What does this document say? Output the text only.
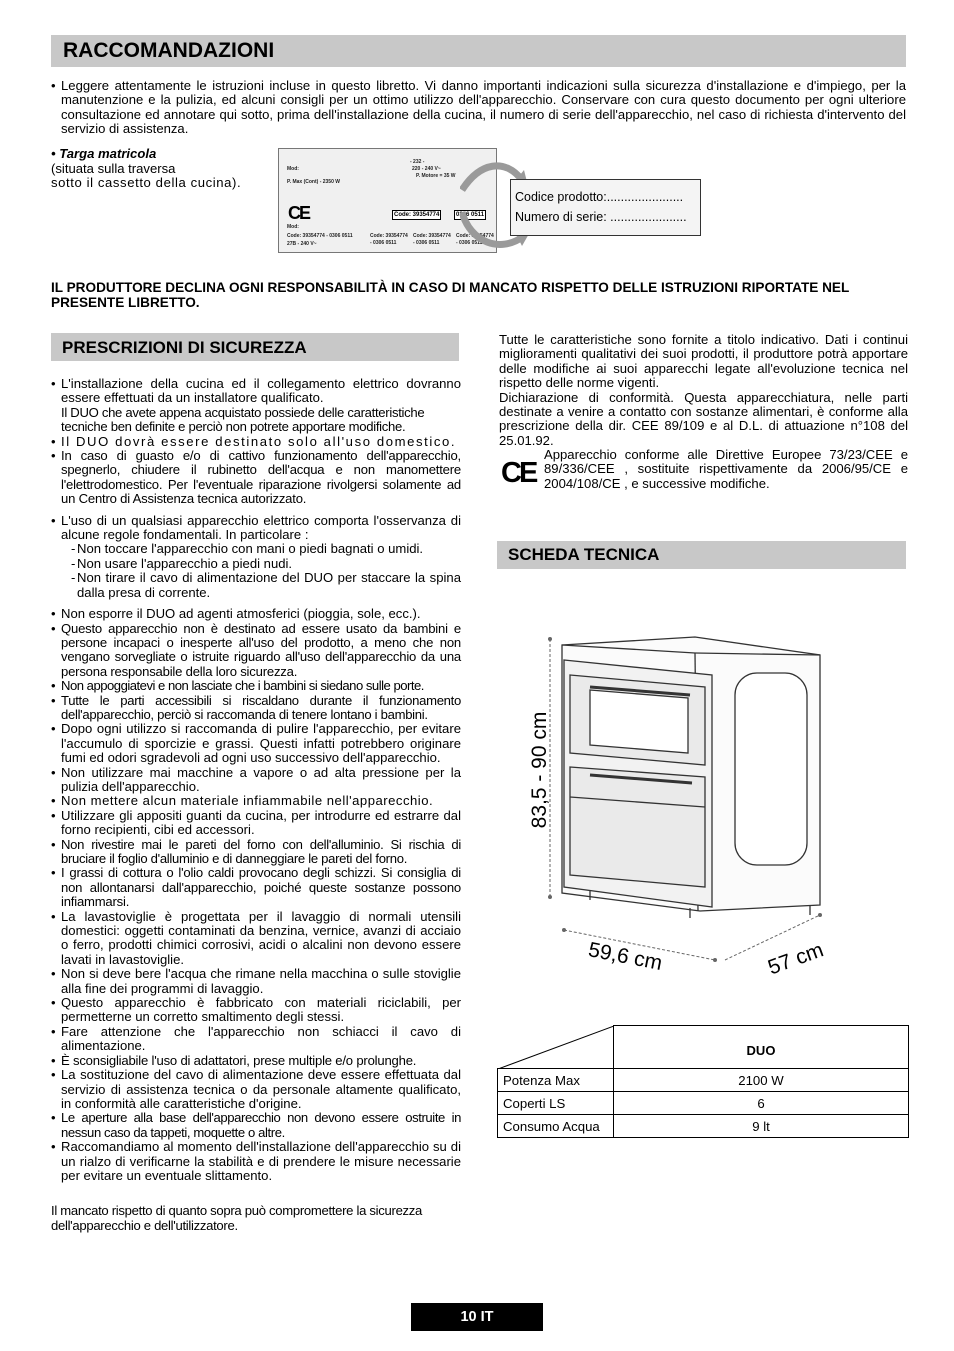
RACCOMANDAZIONI
• Leggere attentamente le istruzioni incluse in questo libretto. Vi danno importanti indicazioni sulla sicurezza d'installazione e d'impiego, per la manutenzione e la pulizia, ed alcuni consigli per un ottimo utilizzo dell'apparecchio. Conservare con cura questo documento per ogni ulteriore consultazione ed annotare qui sotto, prima dell'installazione della cucina, il numero di serie dell'apparecchio, nel caso di richiesta d'intervento del servizio di assistenza.
• Targa matricola
(situata sulla traversa
sotto il cassetto della cucina).
- 232 -
220 - 240 V~
P. Motore = 35 W
Mod:
P. Max (Cont) - 2350 W
CE	Code: 39354774	0306 0511
Mod:
Code: 39354774 - 0306 0511
27B - 240 V~
Code: 39354774
- 0306 0511
Code: 39354774
- 0306 0511
Code: 39354774
- 0306 0511
Codice prodotto:......................
Numero di serie: ......................
IL PRODUTTORE DECLINA OGNI RESPONSABILITÀ IN CASO DI MANCATO RISPETTO DELLE ISTRUZIONI RIPORTATE NEL PRESENTE LIBRETTO.
PRESCRIZIONI DI SICUREZZA
• L'installazione della cucina ed il collegamento elettrico dovranno essere effettuati da un installatore qualificato.
Il DUO che avete appena acquistato possiede delle caratteristiche tecniche ben definite e perciò non potrete apportare modifiche.
• Il DUO dovrà essere destinato solo all'uso domestico.
• In caso di guasto e/o di cattivo funzionamento dell'apparecchio, spegnerlo, chiudere il rubinetto dell'acqua e non manomettere l'elettrodomestico. Per l'eventuale riparazione rivolgersi solamente ad un Centro di Assistenza tecnica autorizzato.
• L'uso di un qualsiasi apparecchio elettrico comporta l'osservanza di alcune regole fondamentali. In particolare :
- Non toccare l'apparecchio con mani o piedi bagnati o umidi.
- Non usare l'apparecchio a piedi nudi.
- Non tirare il cavo di alimentazione del DUO per staccare la spina dalla presa di corrente.
• Non esporre il DUO ad agenti atmosferici (pioggia, sole, ecc.).
• Questo apparecchio non è destinato ad essere usato da bambini e persone incapaci o inesperte all'uso del prodotto, a meno che non vengano sorvegliate o istruite riguardo all'uso dell'apparecchio da una persona responsabile della loro sicurezza.
• Non appoggiatevi e non lasciate che i bambini si siedano sulle porte.
• Tutte le parti accessibili si riscaldano durante il funzionamento dell'apparecchio, perciò si raccomanda di tenere lontano i bambini.
• Dopo ogni utilizzo si raccomanda di pulire l'apparecchio, per evitare l'accumulo di sporcizie e grassi. Questi infatti potrebbero originare fumi ed odori sgradevoli ad ogni uso successivo dell'apparecchio.
• Non utilizzare mai macchine a vapore o ad alta pressione per la pulizia dell'apparecchio.
• Non mettere alcun materiale infiammabile nell'apparecchio.
• Utilizzare gli appositi guanti da cucina, per introdurre ed estrarre dal forno recipienti, cibi ed accessori.
• Non rivestire mai le pareti del forno con dell'alluminio. Si rischia di bruciare il foglio d'alluminio e di danneggiare le pareti del forno.
• I grassi di cottura o l'olio caldi provocano degli schizzi. Si consiglia di non allontanarsi dall'apparecchio, poiché queste sostanze possono infiammarsi.
• La lavastoviglie è progettata per il lavaggio di normali utensili domestici: oggetti contaminati da benzina, vernice, avanzi di acciaio o ferro, prodotti chimici corrosivi, acidi o alcalini non devono essere lavati in lavastoviglie.
• Non si deve bere l'acqua che rimane nella macchina o sulle stoviglie alla fine dei programmi di lavaggio.
• Questo apparecchio è fabbricato con materiali riciclabili, per permetterne un corretto smaltimento degli stessi.
• Fare attenzione che l'apparecchio non schiacci il cavo di alimentazione.
• È sconsigliabile l'uso di adattatori, prese multiple e/o prolunghe.
• La sostituzione del cavo di alimentazione deve essere effettuata dal servizio di assistenza tecnica o da personale altamente qualificato, in conformità alle caratteristiche d'origine.
• Le aperture alla base dell'apparecchio non devono essere ostruite in nessun caso da tappeti, moquette o altre.
• Raccomandiamo al momento dell'installazione dell'apparecchio su di un rialzo di verificarne la stabilità e di prendere le misure necessarie per evitare un eventuale slittamento.
Il mancato rispetto di quanto sopra può compromettere la sicurezza dell'apparecchio e dell'utilizzatore.
Tutte le caratteristiche sono fornite a titolo indicativo. Dati i continui miglioramenti qualitativi dei suoi prodotti, il produttore potrà apportare delle modifiche ai suoi apparecchi legate all'evoluzione tecnica nel rispetto delle norme vigenti.
Dichiarazione di conformità. Questa apparecchiatura, nelle parti destinate a venire a contatto con sostanze alimentari, è conforme alla prescrizione della dir. CEE 89/109 e al D.L. di attuazione n°108 del 25.01.92.
CE
Apparecchio conforme alle Direttive Europee 73/23/CEE e 89/336/CEE , sostituite rispettivamente da 2006/95/CE e 2004/108/CE , e successive modifiche.
SCHEDA TECNICA
83,5 - 90 cm
59,6 cm	57 cm
	DUO
Potenza Max	2100 W
Coperti LS	6
Consumo Acqua	9 lt
10 IT
